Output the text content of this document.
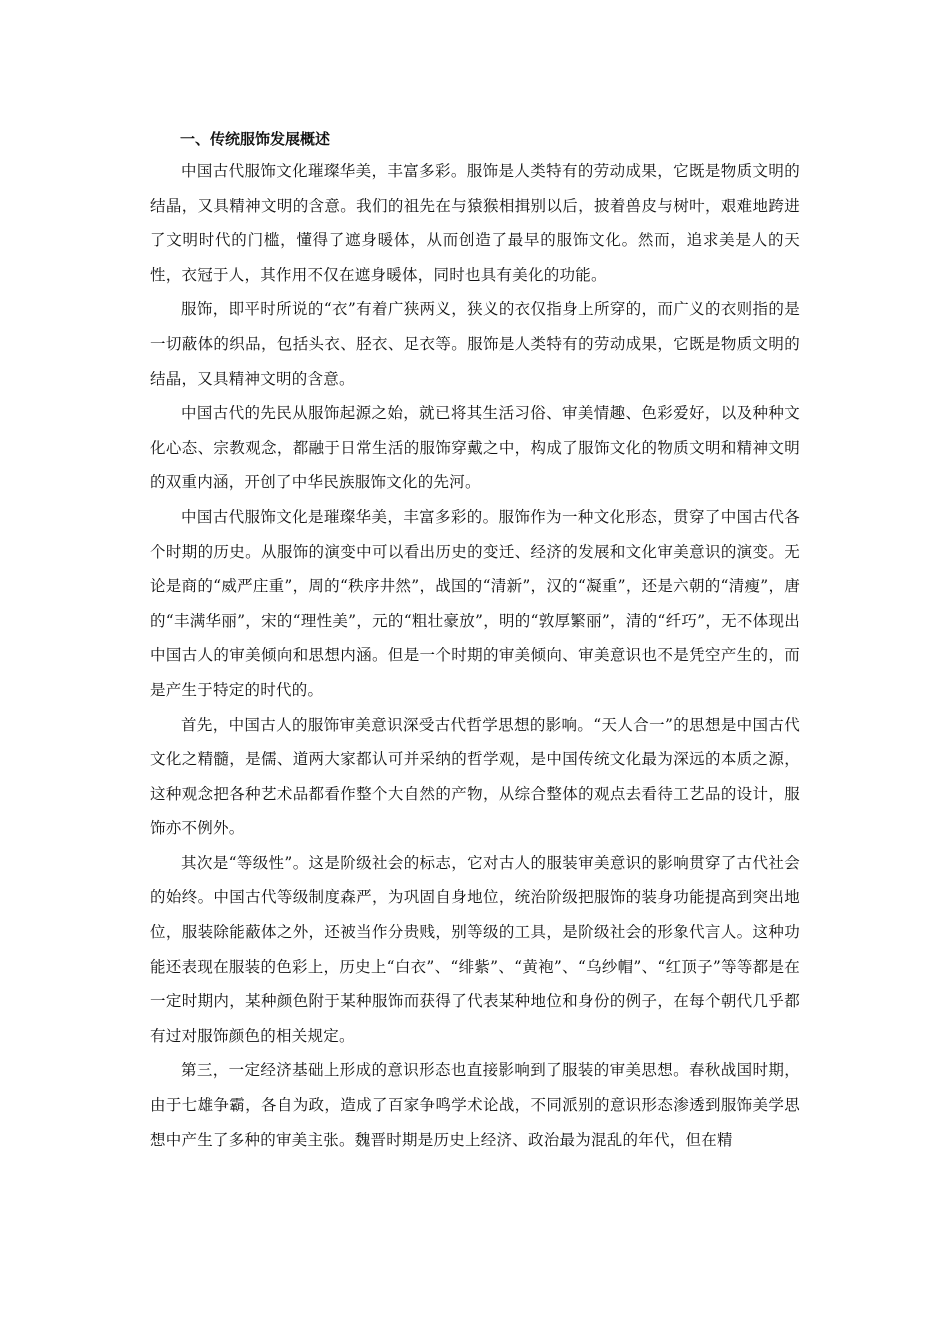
一、传统服饰发展概述

中国古代服饰文化璀璨华美，丰富多彩。服饰是人类特有的劳动成果，它既是物质文明的结晶，又具精神文明的含意。我们的祖先在与猿猴相揖别以后，披着兽皮与树叶，艰难地跨进了文明时代的门槛，懂得了遮身暖体，从而创造了最早的服饰文化。然而，追求美是人的天性，衣冠于人，其作用不仅在遮身暖体，同时也具有美化的功能。

服饰，即平时所说的“衣”有着广狭两义，狭义的衣仅指身上所穿的，而广义的衣则指的是一切蔽体的织品，包括头衣、胫衣、足衣等。服饰是人类特有的劳动成果，它既是物质文明的结晶，又具精神文明的含意。

中国古代的先民从服饰起源之始，就已将其生活习俗、审美情趣、色彩爱好，以及种种文化心态、宗教观念，都融于日常生活的服饰穿戴之中，构成了服饰文化的物质文明和精神文明的双重内涵，开创了中华民族服饰文化的先河。

中国古代服饰文化是璀璨华美，丰富多彩的。服饰作为一种文化形态，贯穿了中国古代各个时期的历史。从服饰的演变中可以看出历史的变迁、经济的发展和文化审美意识的演变。无论是商的“威严庄重”，周的“秩序井然”，战国的“清新”，汉的“凝重”，还是六朝的“清瘦”，唐的“丰满华丽”，宋的“理性美”，元的“粗壮豪放”，明的“敦厚繁丽”，清的“纤巧”，无不体现出中国古人的审美倾向和思想内涵。但是一个时期的审美倾向、审美意识也不是凭空产生的，而是产生于特定的时代的。

首先，中国古人的服饰审美意识深受古代哲学思想的影响。“天人合一”的思想是中国古代文化之精髓，是儒、道两大家都认可并采纳的哲学观，是中国传统文化最为深远的本质之源，这种观念把各种艺术品都看作整个大自然的产物，从综合整体的观点去看待工艺品的设计，服饰亦不例外。

其次是“等级性”。这是阶级社会的标志，它对古人的服装审美意识的影响贯穿了古代社会的始终。中国古代等级制度森严，为巩固自身地位，统治阶级把服饰的装身功能提高到突出地位，服装除能蔽体之外，还被当作分贵贱，别等级的工具，是阶级社会的形象代言人。这种功能还表现在服装的色彩上，历史上“白衣”、“绯紫”、“黄袍”、“乌纱帽”、“红顶子”等等都是在一定时期内，某种颜色附于某种服饰而获得了代表某种地位和身份的例子，在每个朝代几乎都有过对服饰颜色的相关规定。

第三，一定经济基础上形成的意识形态也直接影响到了服装的审美思想。春秋战国时期，由于七雄争霸，各自为政，造成了百家争鸣学术论战，不同派别的意识形态渗透到服饰美学思想中产生了多种的审美主张。魏晋时期是历史上经济、政治最为混乱的年代，但在精
